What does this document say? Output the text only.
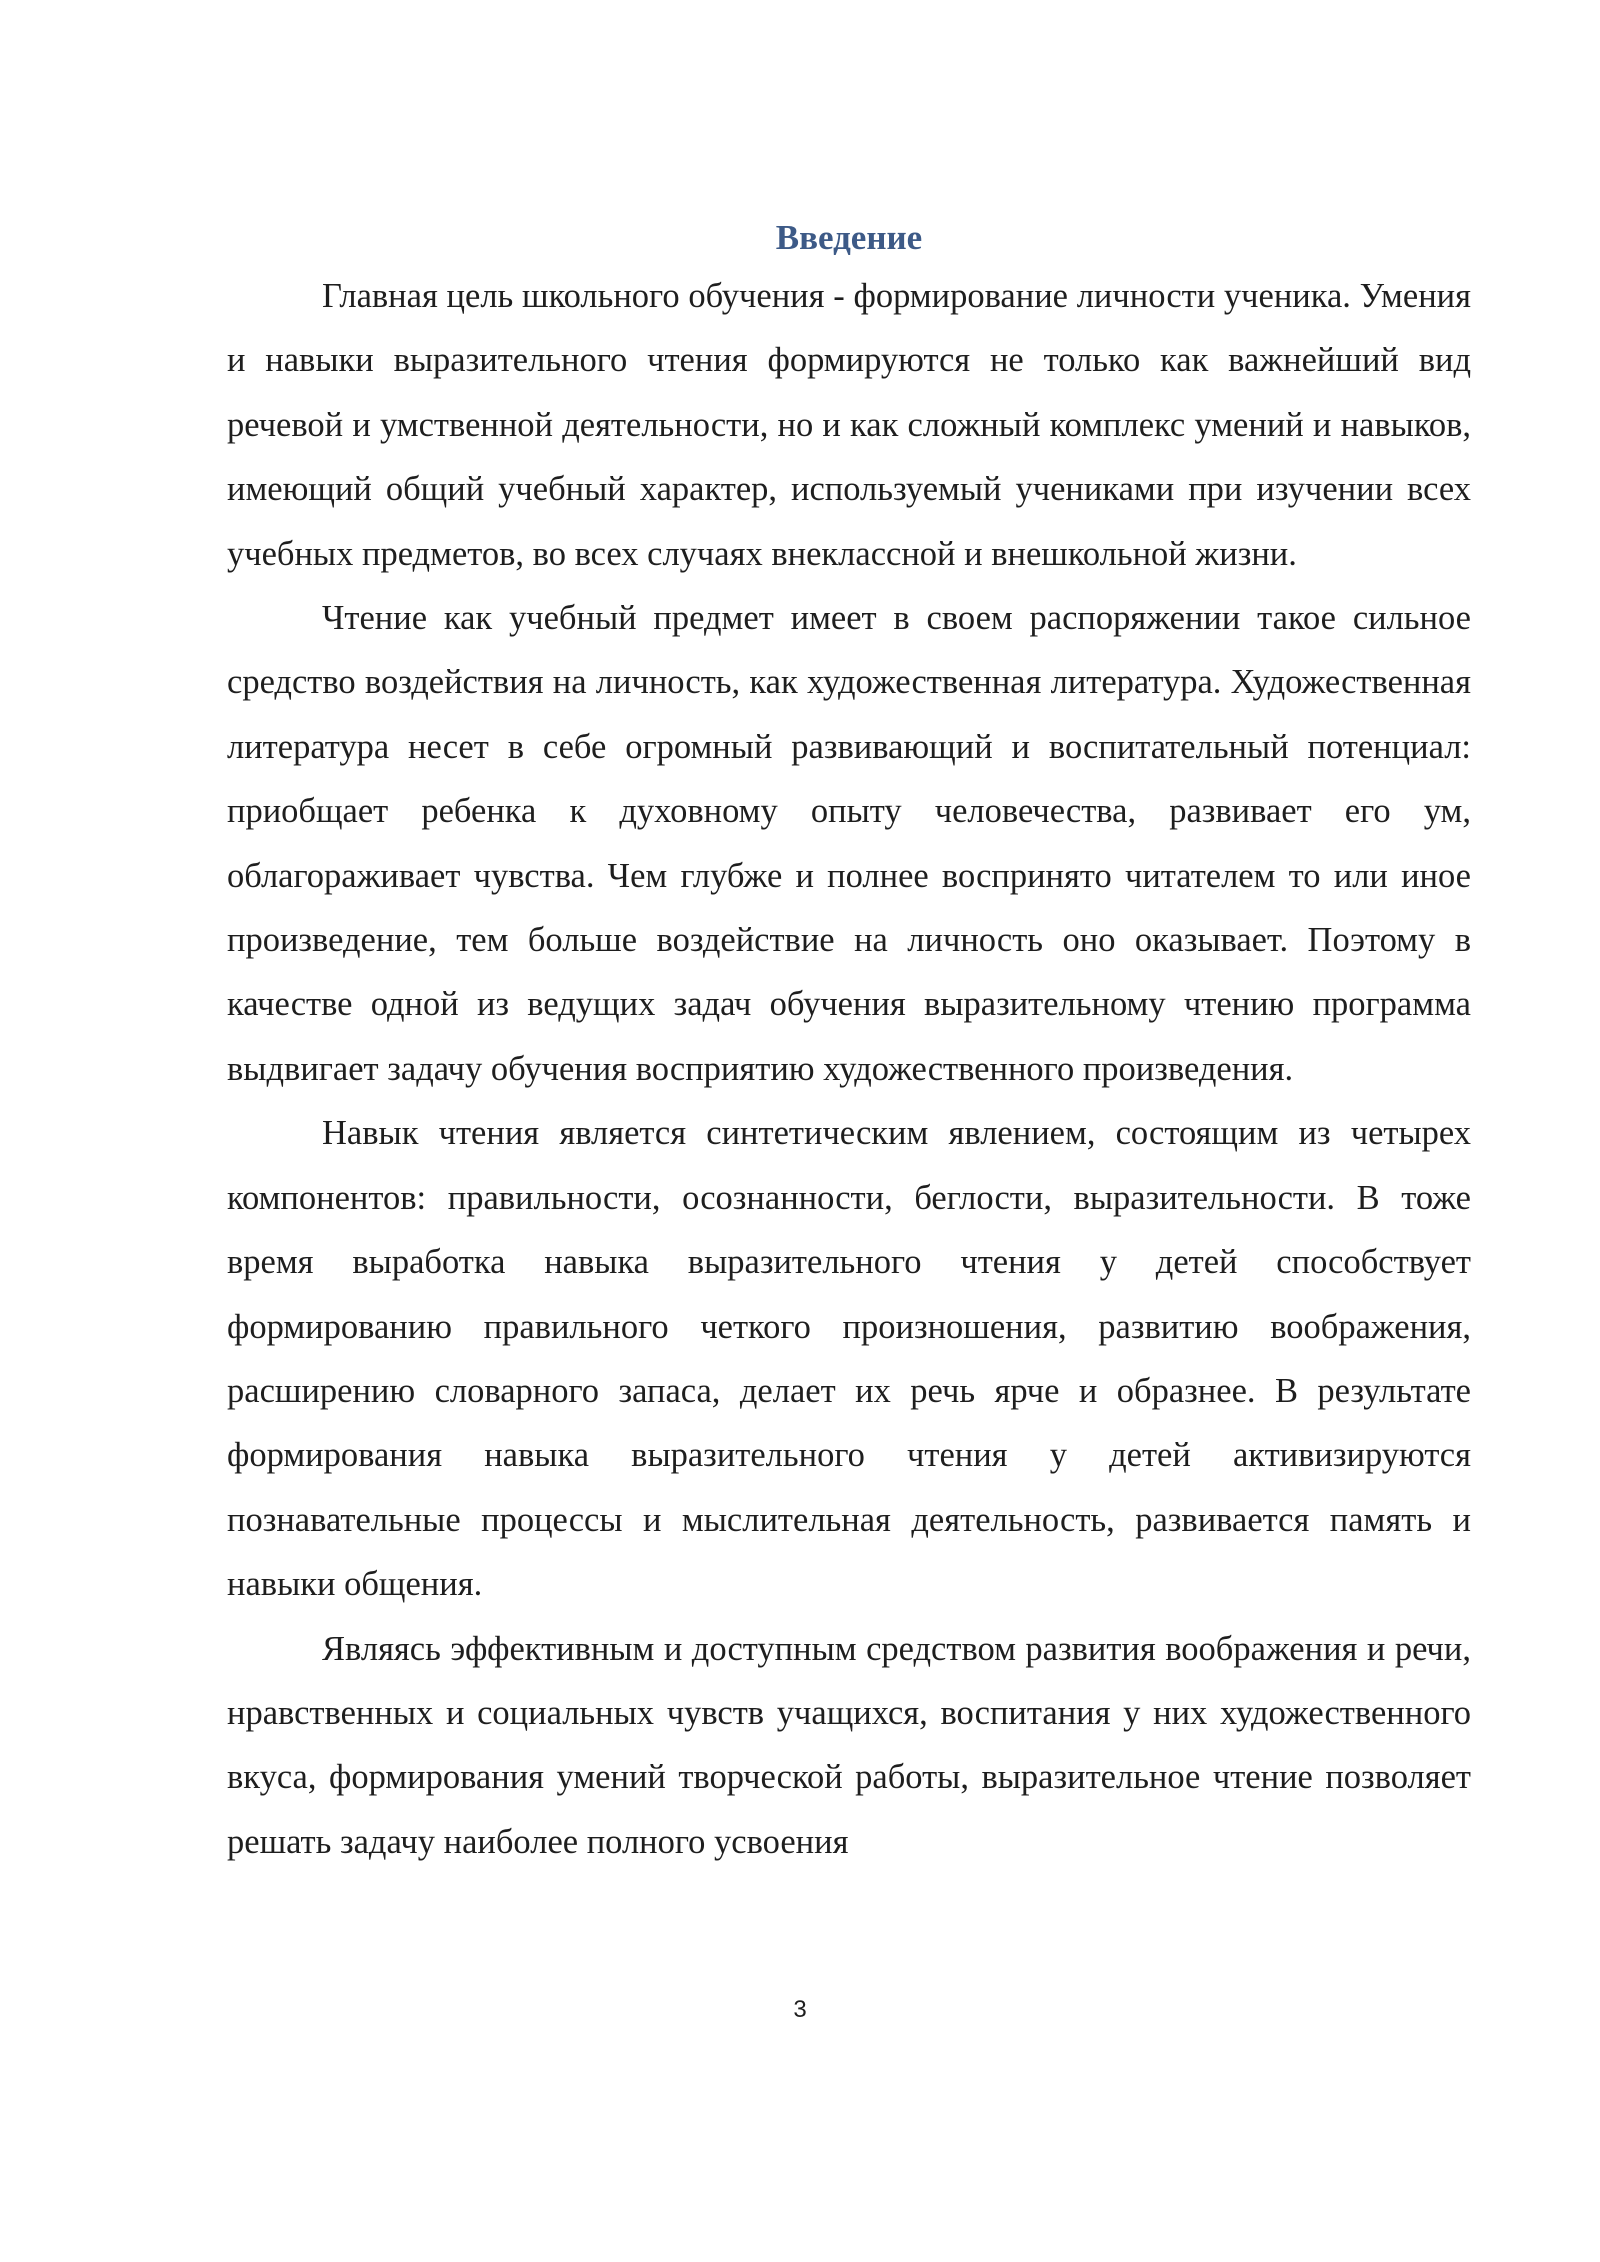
Введение

Главная цель школьного обучения - формирование личности ученика. Умения и навыки выразительного чтения формируются не только как важнейший вид речевой и умственной деятельности, но и как сложный комплекс умений и навыков, имеющий общий учебный характер, используемый учениками при изучении всех учебных предметов, во всех случаях внеклассной и внешкольной жизни.

Чтение как учебный предмет имеет в своем распоряжении такое сильное средство воздействия на личность, как художественная литература. Художественная литература несет в себе огромный развивающий и воспитательный потенциал: приобщает ребенка к духовному опыту человечества, развивает его ум, облагораживает чувства. Чем глубже и полнее воспринято читателем то или иное произведение, тем больше воздействие на личность оно оказывает. Поэтому в качестве одной из ведущих задач обучения выразительному чтению программа выдвигает задачу обучения восприятию художественного произведения.

Навык чтения является синтетическим явлением, состоящим из четырех компонентов: правильности, осознанности, беглости, выразительности. В тоже время выработка навыка выразительного чтения у детей способствует формированию правильного четкого произношения, развитию воображения, расширению словарного запаса, делает их речь ярче и образнее. В результате формирования навыка выразительного чтения у детей активизируются познавательные процессы и мыслительная деятельность, развивается память и навыки общения.

Являясь эффективным и доступным средством развития воображения и речи, нравственных и социальных чувств учащихся, воспитания у них художественного вкуса, формирования умений творческой работы, выразительное чтение позволяет решать задачу наиболее полного усвоения

3
